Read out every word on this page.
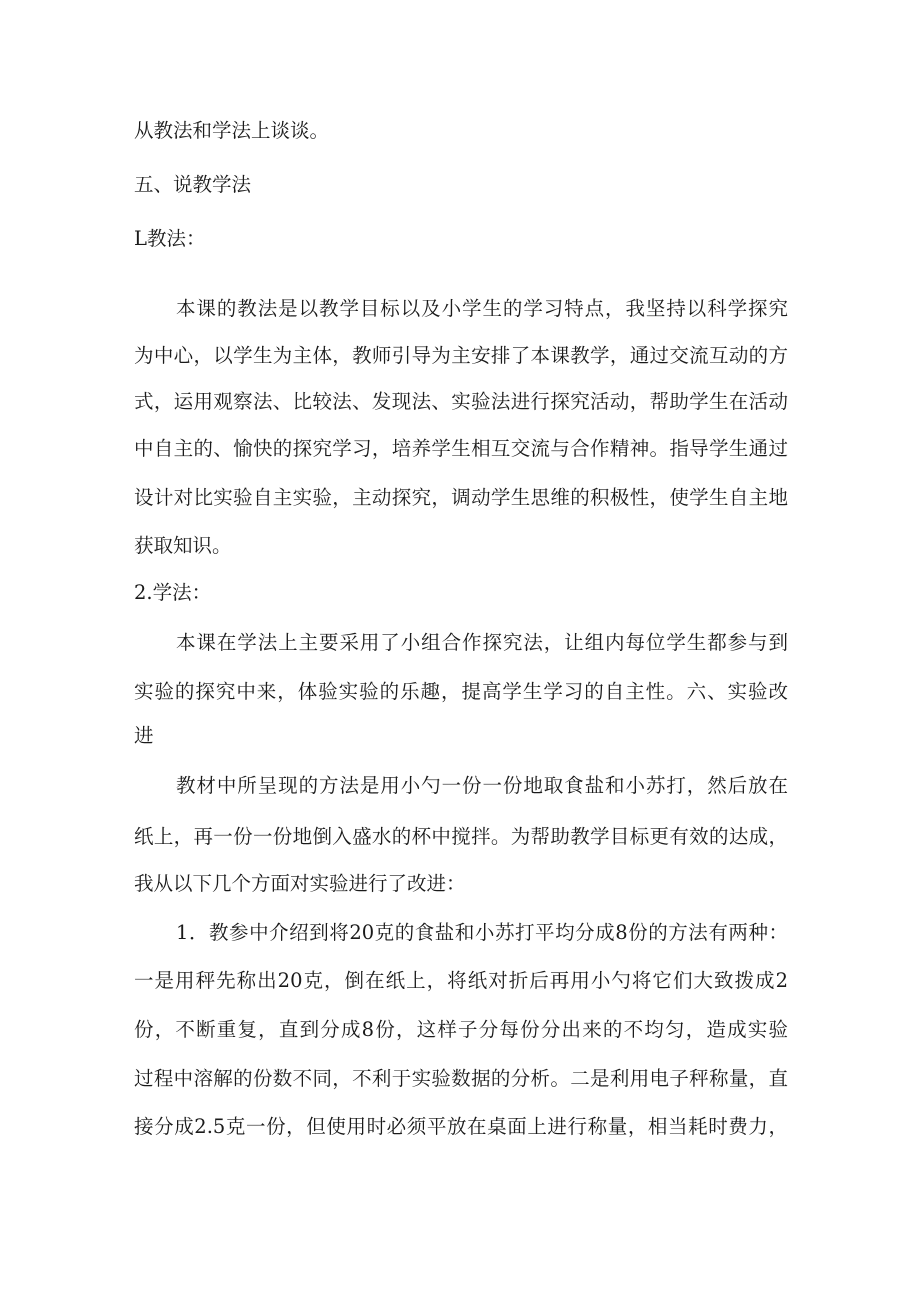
从教法和学法上谈谈。
五、说教学法
L教法：
本课的教法是以教学目标以及小学生的学习特点，我坚持以科学探究
为中心，以学生为主体，教师引导为主安排了本课教学，通过交流互动的方
式，运用观察法、比较法、发现法、实验法进行探究活动，帮助学生在活动
中自主的、愉快的探究学习，培养学生相互交流与合作精神。指导学生通过
设计对比实验自主实验，主动探究，调动学生思维的积极性，使学生自主地
获取知识。
2.学法：
本课在学法上主要采用了小组合作探究法，让组内每位学生都参与到
实验的探究中来，体验实验的乐趣，提高学生学习的自主性。六、实验改
进
教材中所呈现的方法是用小勺一份一份地取食盐和小苏打，然后放在
纸上，再一份一份地倒入盛水的杯中搅拌。为帮助教学目标更有效的达成，
我从以下几个方面对实验进行了改进：
1．教参中介绍到将20克的食盐和小苏打平均分成8份的方法有两种：
一是用秤先称出20克，倒在纸上，将纸对折后再用小勺将它们大致拨成2
份，不断重复，直到分成8份，这样子分每份分出来的不均匀，造成实验
过程中溶解的份数不同，不利于实验数据的分析。二是利用电子秤称量，直
接分成2.5克一份，但使用时必须平放在桌面上进行称量，相当耗时费力，
